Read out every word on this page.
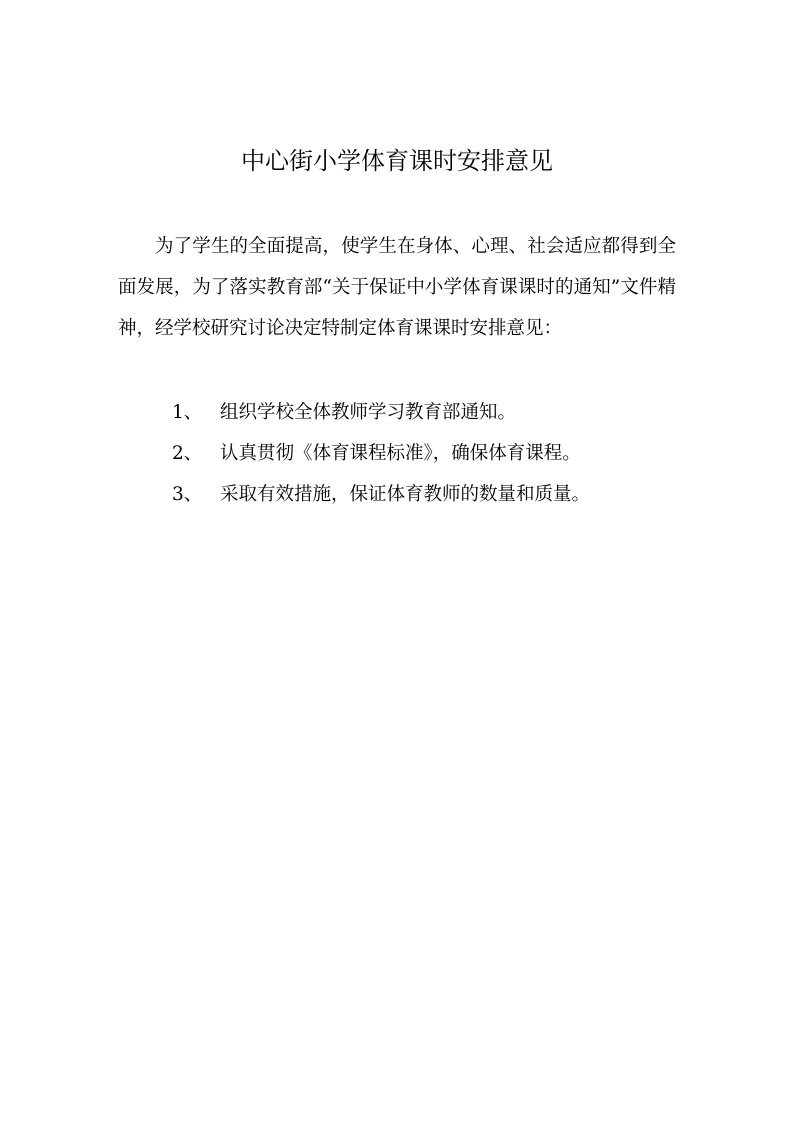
中心街小学体育课时安排意见

为了学生的全面提高，使学生在身体、心理、社会适应都得到全面发展，为了落实教育部“关于保证中小学体育课课时的通知”文件精神，经学校研究讨论决定特制定体育课课时安排意见：

1、 组织学校全体教师学习教育部通知。
2、 认真贯彻《体育课程标准》，确保体育课程。
3、 采取有效措施，保证体育教师的数量和质量。
